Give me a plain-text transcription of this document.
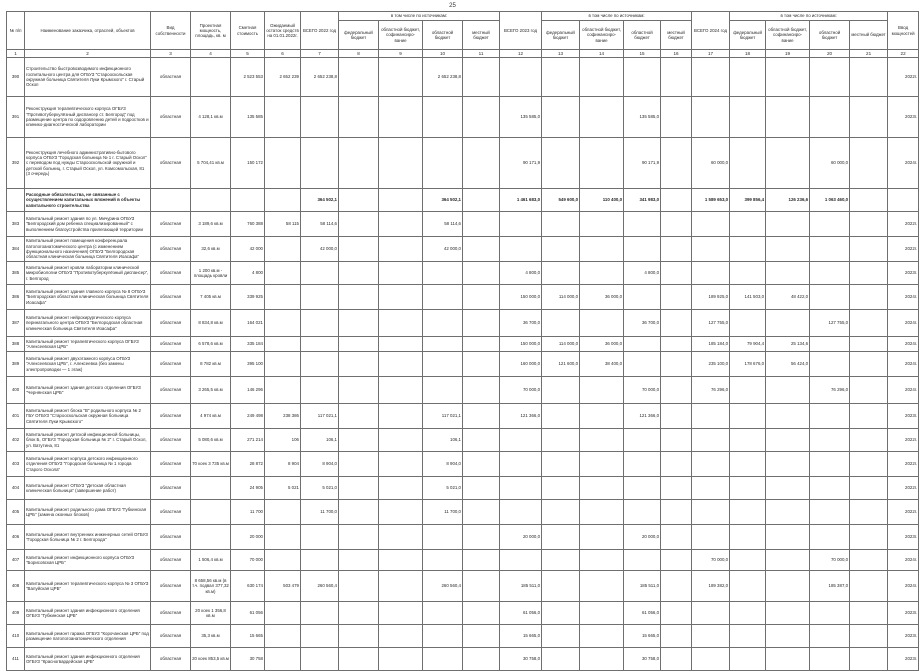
25
№ п/п	Наименование заказчика, отраслей, объектов	Вид собственности	Проектная мощность, площадь, кв. м	Сметная стоимость	Ожидаемый остаток средств на 01.01.2022г.	ВСЕГО 2022 год	в том числе по источникам:				ВСЕГО 2023 год	в том числе по источникам:				ВСЕГО 2024 год	в том числе по источникам:				Ввод мощностей
							федеральный бюджет	областной бюджет, софинансиро-вание	областной бюджет	местный бюджет		федеральный бюджет	областной бюджет, софинансиро-вание	областной бюджет	местный бюджет		федеральный бюджет	областной бюджет, софинансиро-вание	областной бюджет	местный бюджет	
1	2	3	4	5	6	7	8	9	10	11	12	13	14	15	16	17	18	19	20	21	22
390	Строительство быстровозводимого инфекционного госпитального центра для ОГБУЗ "Старооскольская окружная больница Святителя Луки Крымского" г. Старый Оскол	областная		2 523 553	2 652 239	2 652 238,8			2 652 238,8												2022г.
391	Реконструкция терапевтического корпуса ОГБУЗ "Противотуберкулёзный диспансер ст. Белгород" под размещение центра по оздоровлению детей и подростков и клинико-диагностической лаборатории	областная	4 128,1 кв.м	135 585							135 585,0			135 585,0							2023г.
392	Реконструкция лечебного административно-бытового корпуса ОГБУЗ "Городская больница № 1 г. Старый Оскол" с переводом под нужды Старооскольской окружной и детской больниц, г. Старый Оскол, ул. Комсомольская, 81 (3 очередь)	областная	5 704,41 кв.м	150 172							90 171,9			90 171,9		60 000,0			60 000,0		2024г.
	Расходные обязательства, не связанные с осуществлением капитальных вложений в объекты капитального строительства					364 502,1			364 502,1		1 461 683,0	549 600,0	110 400,0	341 983,0		1 589 653,0	399 856,4	126 236,6	1 063 460,0		
383	Капитальный ремонт здания по ул. Мичурина ОГБУЗ "Белгородский дом ребенка специализированный" с выполнением благоустройства прилегающей территории	областная	3 189,6 кв.м	760 388	58 115	58 114,6			58 114,6												2022г.
384	Капитальный ремонт помещения конференцзала патологоанатомического центра (с изменением функционального назначения) ОГБУЗ "Белгородская областная клиническая больница Святителя Иоасафа"	областная	32,6 кв.м	42 000		42 000,0			42 000,0												2022г.
385	Капитальный ремонт кровли лаборатории клинической микробиологии ОГБУЗ "Противотуберкулёзный диспансер", г. Белгород	областная	1 200 кв.м - площадь кровли	4 800							4 800,0			4 800,0							2023г.
386	Капитальный ремонт здания главного корпуса № 8 ОГБУЗ "Белгородская областная клиническая больница Святителя Иоасафа"	областная	7 405 кв.м	339 925							150 000,0	114 000,0	36 000,0			189 925,0	141 503,0	48 422,0			2024г.
387	Капитальный ремонт нейрохирургического корпуса перинатального центра ОГБУЗ "Белгородская областная клиническая больница Святителя Иоасафа"	областная	8 834,8 кв.м	164 021							36 700,0			36 700,0		127 755,0			127 755,0		2024г.
388	Капитальный ремонт терапевтического корпуса ОГБУЗ "Алексеевская ЦРБ"	областная	6 578,6 кв.м	335 184							150 000,0	114 000,0	36 000,0			185 184,0	79 904,4	25 134,6			2024г.
389	Капитальный ремонт двухэтажного корпуса ОГБУЗ "Алексеевская ЦРБ", г. Алексеевка (без замены электропроводки — 1 этаж)	областная	8 782 кв.м	395 100							160 000,0	121 600,0	38 400,0			235 100,0	178 676,0	56 424,0			2024г.
400	Капитальный ремонт здания детского отделения ОГБУЗ "Чернянская ЦРБ"	областная	3 265,5 кв.м	146 296							70 000,0			70 000,0		76 296,0			76 296,0		2024г.
401	Капитальный ремонт блока "В" родильного корпуса № 2 ГБУ ОГБУЗ "Старооскольская окружная больница Святителя Луки Крымского"	областная	4 974 кв.м	249 498	238 386	117 021,1			117 021,1		121 366,0			121 366,0							2023г.
402	Капитальный ремонт детской инфекционной больницы, блок Б, ОГБУЗ "Городская больница № 2" г. Старый Оскол, ул. Ватутина, 81	областная	5 080,6 кв.м	271 214	106	106,1			106,1												2022г.
403	Капитальный ремонт корпуса детского инфекционного отделения ОГБУЗ "Городская больница № 1 города Старого Оскола"	областная	70 коек 3 735 кв.м	28 872	8 904	8 904,0			8 904,0												2022г.
404	Капитальный ремонт ОГБУЗ "Детская областная клиническая больница" (завершение работ)	областная		24 905	5 021	5 021,0			5 021,0												2022г.
405	Капитальный ремонт родильного дома ОГБУЗ "Губкинская ЦРБ" (замена оконных блоков)	областная		11 700		11 700,0			11 700,0												2022г.
406	Капитальный ремонт внутренних инженерных сетей ОГБУЗ "Городская больница № 2 г. Белгорода"	областная		20 000							20 000,0			20 000,0							2023г.
407	Капитальный ремонт инфекционного корпуса ОГБУЗ "Борисовская ЦРБ"	областная	1 506,4 кв.м	70 000												70 000,0			70 000,0		2024г.
408	Капитальный ремонт терапевтического корпуса № 3 ОГБУЗ "Валуйская ЦРБ"	областная	8 658,56 кв.м (в т.ч. подвал 377,32 кв.м)	630 174	503 479	260 560,4			260 560,4		185 511,0			185 511,0		189 382,0			185 387,0		2024г.
409	Капитальный ремонт здания инфекционного отделения ОГБУЗ "Губкинская ЦРБ"	областная	20 коек 1 356,8 кв.м	61 056							61 056,0			61 056,0							2023г.
410	Капитальный ремонт гаража ОГБУЗ "Корочанская ЦРБ" под размещение патологоанатомического отделения	областная	35,3 кв.м	15 665							15 665,0			15 665,0							2023г.
411	Капитальный ремонт здания инфекционного отделения ОГБУЗ "Красногвардейская ЦРБ"	областная	20 коек 853,5 кв.м	30 758							30 758,0			30 758,0							2023г.
